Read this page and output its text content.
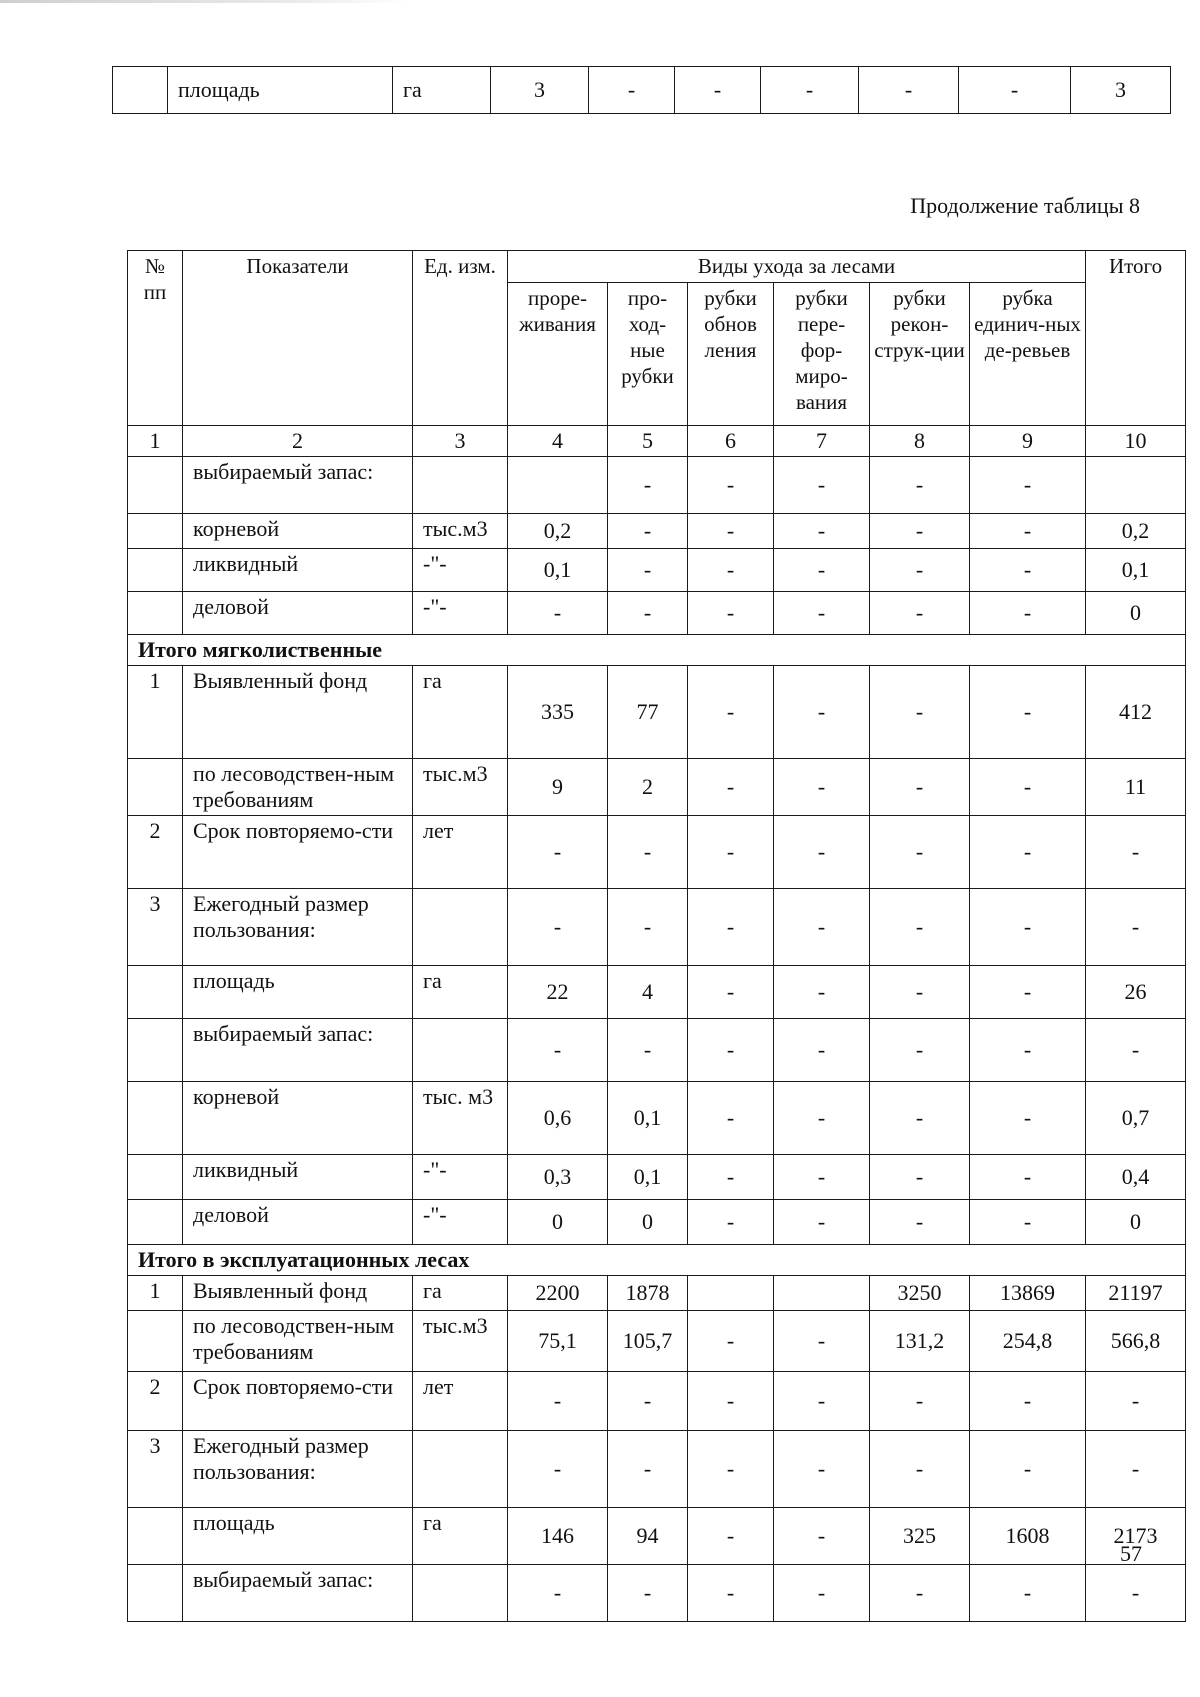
	площадь	га	3	-	-	-	-	-	3
Продолжение таблицы 8
№ пп	Показатели	Ед. изм.	Виды ухода за лесами						Итого
			проре-живания	про-ход-ные рубки	рубки обнов ления	рубки пере-фор-миро-вания	рубки рекон-струк-ции	рубка единич-ных де-ревьев	
1	2	3	4	5	6	7	8	9	10
	выбираемый запас:			-	-	-	-	-	
	корневой	тыс.м3	0,2	-	-	-	-	-	0,2
	ликвидный	-"-	0,1	-	-	-	-	-	0,1
	деловой	-"-	-	-	-	-	-	-	0
Итого мягколиственные									
1	Выявленный фонд	га	335	77	-	-	-	-	412
	по лесоводствен-ным требованиям	тыс.м3	9	2	-	-	-	-	11
2	Срок повторяемо-сти	лет	-	-	-	-	-	-	-
3	Ежегодный размер пользования:		-	-	-	-	-	-	-
	площадь	га	22	4	-	-	-	-	26
	выбираемый запас:		-	-	-	-	-	-	-
	корневой	тыс. м3	0,6	0,1	-	-	-	-	0,7
	ликвидный	-"-	0,3	0,1	-	-	-	-	0,4
	деловой	-"-	0	0	-	-	-	-	0
Итого в эксплуатационных лесах									
1	Выявленный фонд	га	2200	1878			3250	13869	21197
	по лесоводствен-ным требованиям	тыс.м3	75,1	105,7	-	-	131,2	254,8	566,8
2	Срок повторяемо-сти	лет	-	-	-	-	-	-	-
3	Ежегодный размер пользования:		-	-	-	-	-	-	-
	площадь	га	146	94	-	-	325	1608	2173
	выбираемый запас:		-	-	-	-	-	-	-
57
